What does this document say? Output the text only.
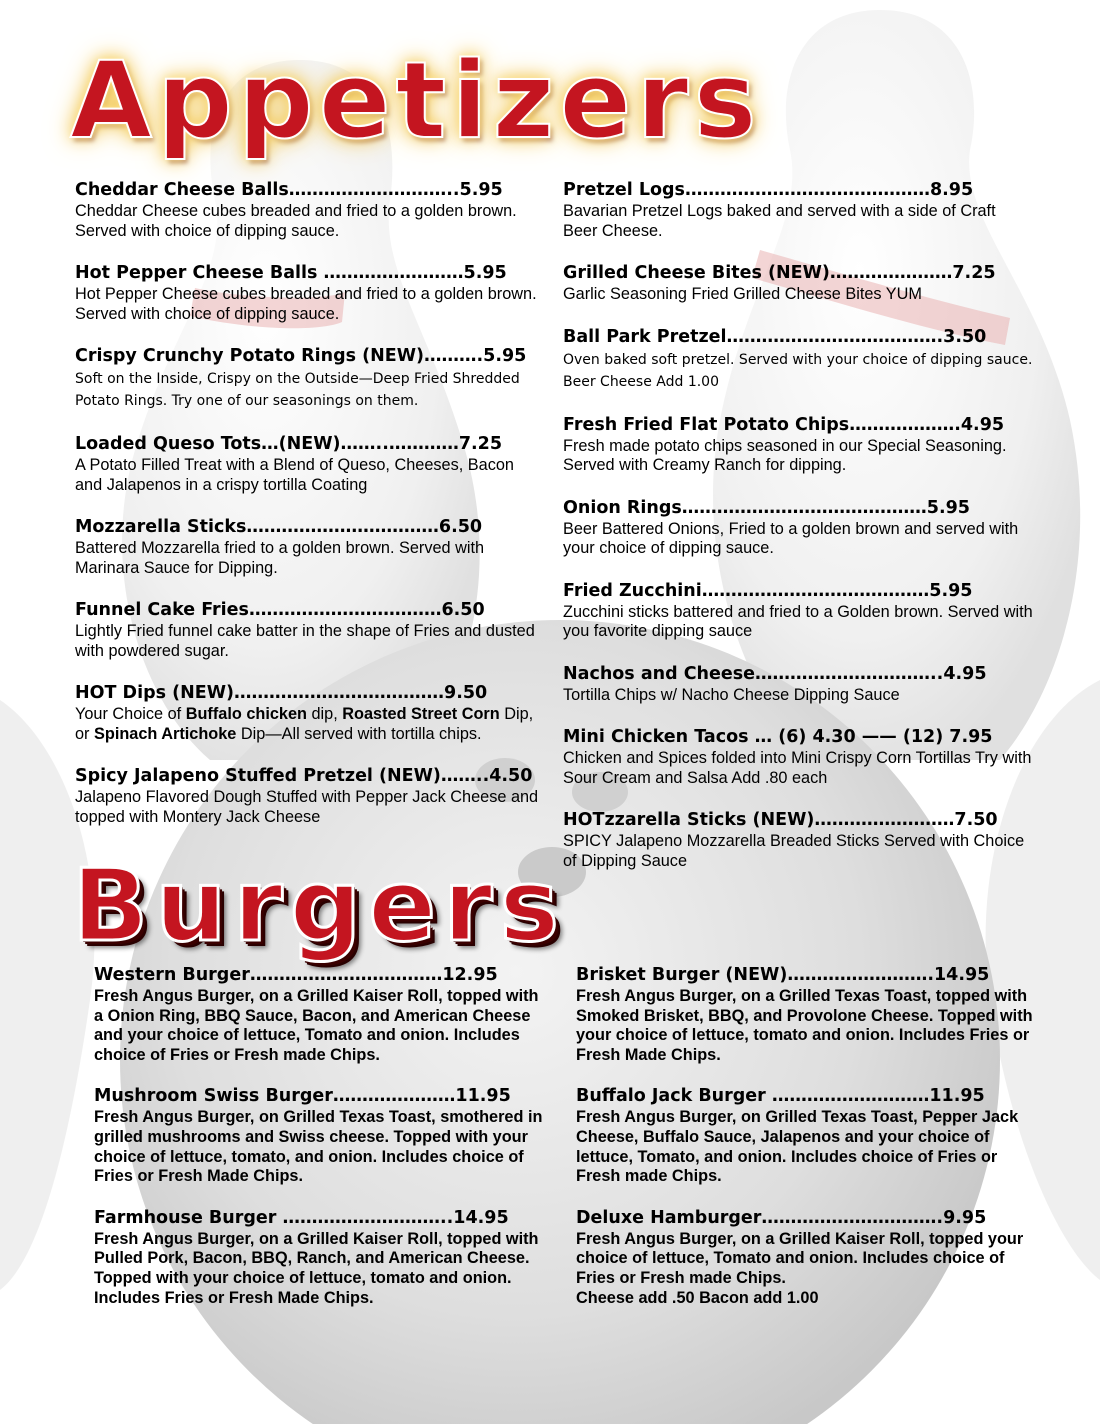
Appetizers
Cheddar Cheese Balls………………………..5.95
Cheddar Cheese cubes breaded and fried to a golden brown. Served with choice of dipping sauce.
Hot Pepper Cheese Balls ……………………5.95
Hot Pepper Cheese cubes breaded and fried to a golden brown. Served with choice of dipping sauce.
Crispy Crunchy Potato Rings (NEW)……….5.95
Soft on the Inside, Crispy on the Outside—Deep Fried Shredded Potato Rings. Try one of our seasonings on them.
Loaded Queso Tots…(NEW)……..…………7.25
A Potato Filled Treat with a Blend of Queso, Cheeses, Bacon and Jalapenos in a crispy tortilla Coating
Mozzarella Sticks……………………………6.50
Battered Mozzarella fried to a golden brown. Served with Marinara Sauce for Dipping.
Funnel Cake Fries……………………………6.50
Lightly Fried funnel cake batter in the shape of Fries and dusted with powdered sugar.
HOT Dips (NEW)………………………………9.50
Your Choice of Buffalo chicken dip, Roasted Street Corn Dip, or Spinach Artichoke Dip—All served with tortilla chips.
Spicy Jalapeno Stuffed Pretzel (NEW)……..4.50
Jalapeno Flavored Dough Stuffed with Pepper Jack Cheese and topped with Montery Jack Cheese
Pretzel Logs……………………………………8.95
Bavarian Pretzel Logs baked and served with a side of Craft Beer Cheese.
Grilled Cheese Bites (NEW)…………………7.25
Garlic Seasoning Fried Grilled Cheese Bites YUM
Ball Park Pretzel……………………………….3.50
Oven baked soft pretzel. Served with your choice of dipping sauce. Beer Cheese Add 1.00
Fresh Fried Flat Potato Chips……………….4.95
Fresh made potato chips seasoned in our Special Seasoning. Served with Creamy Ranch for dipping.
Onion Rings……………………………………5.95
Beer Battered Onions, Fried to a golden brown and served with your choice of dipping sauce.
Fried Zucchini…………………………………5.95
Zucchini sticks battered and fried to a Golden brown. Served with you favorite dipping sauce
Nachos and Cheese…………………………..4.95
Tortilla Chips w/ Nacho Cheese Dipping Sauce
Mini Chicken Tacos … (6) 4.30 —— (12) 7.95
Chicken and Spices folded into Mini Crispy Corn Tortillas Try with Sour Cream and Salsa Add .80 each
HOTzzarella Sticks (NEW)……………………7.50
SPICY Jalapeno Mozzarella Breaded Sticks Served with Choice of Dipping Sauce
Burgers
Western Burger……………………………12.95
Fresh Angus Burger, on a Grilled Kaiser Roll, topped with a Onion Ring, BBQ Sauce, Bacon, and American Cheese and your choice of lettuce, Tomato and onion. Includes choice of Fries or Fresh made Chips.
Mushroom Swiss Burger…………………11.95
Fresh Angus Burger, on Grilled Texas Toast, smothered in grilled mushrooms and Swiss cheese. Topped with your choice of lettuce, tomato, and onion. Includes choice of Fries or Fresh Made Chips.
Farmhouse Burger ………………………..14.95
Fresh Angus Burger, on a Grilled Kaiser Roll, topped with Pulled Pork, Bacon, BBQ, Ranch, and American Cheese. Topped with your choice of lettuce, tomato and onion. Includes Fries or Fresh Made Chips.
Brisket Burger (NEW)…………………….14.95
Fresh Angus Burger, on a Grilled Texas Toast, topped with Smoked Brisket, BBQ, and Provolone Cheese. Topped with your choice of lettuce, tomato and onion. Includes Fries or Fresh Made Chips.
Buffalo Jack Burger ………………………11.95
Fresh Angus Burger, on Grilled Texas Toast, Pepper Jack Cheese, Buffalo Sauce, Jalapenos and your choice of lettuce, Tomato, and onion. Includes choice of Fries or Fresh made Chips.
Deluxe Hamburger………………………….9.95
Fresh Angus Burger, on a Grilled Kaiser Roll, topped your choice of lettuce, Tomato and onion. Includes choice of Fries or Fresh made Chips.
Cheese add .50 Bacon add 1.00
